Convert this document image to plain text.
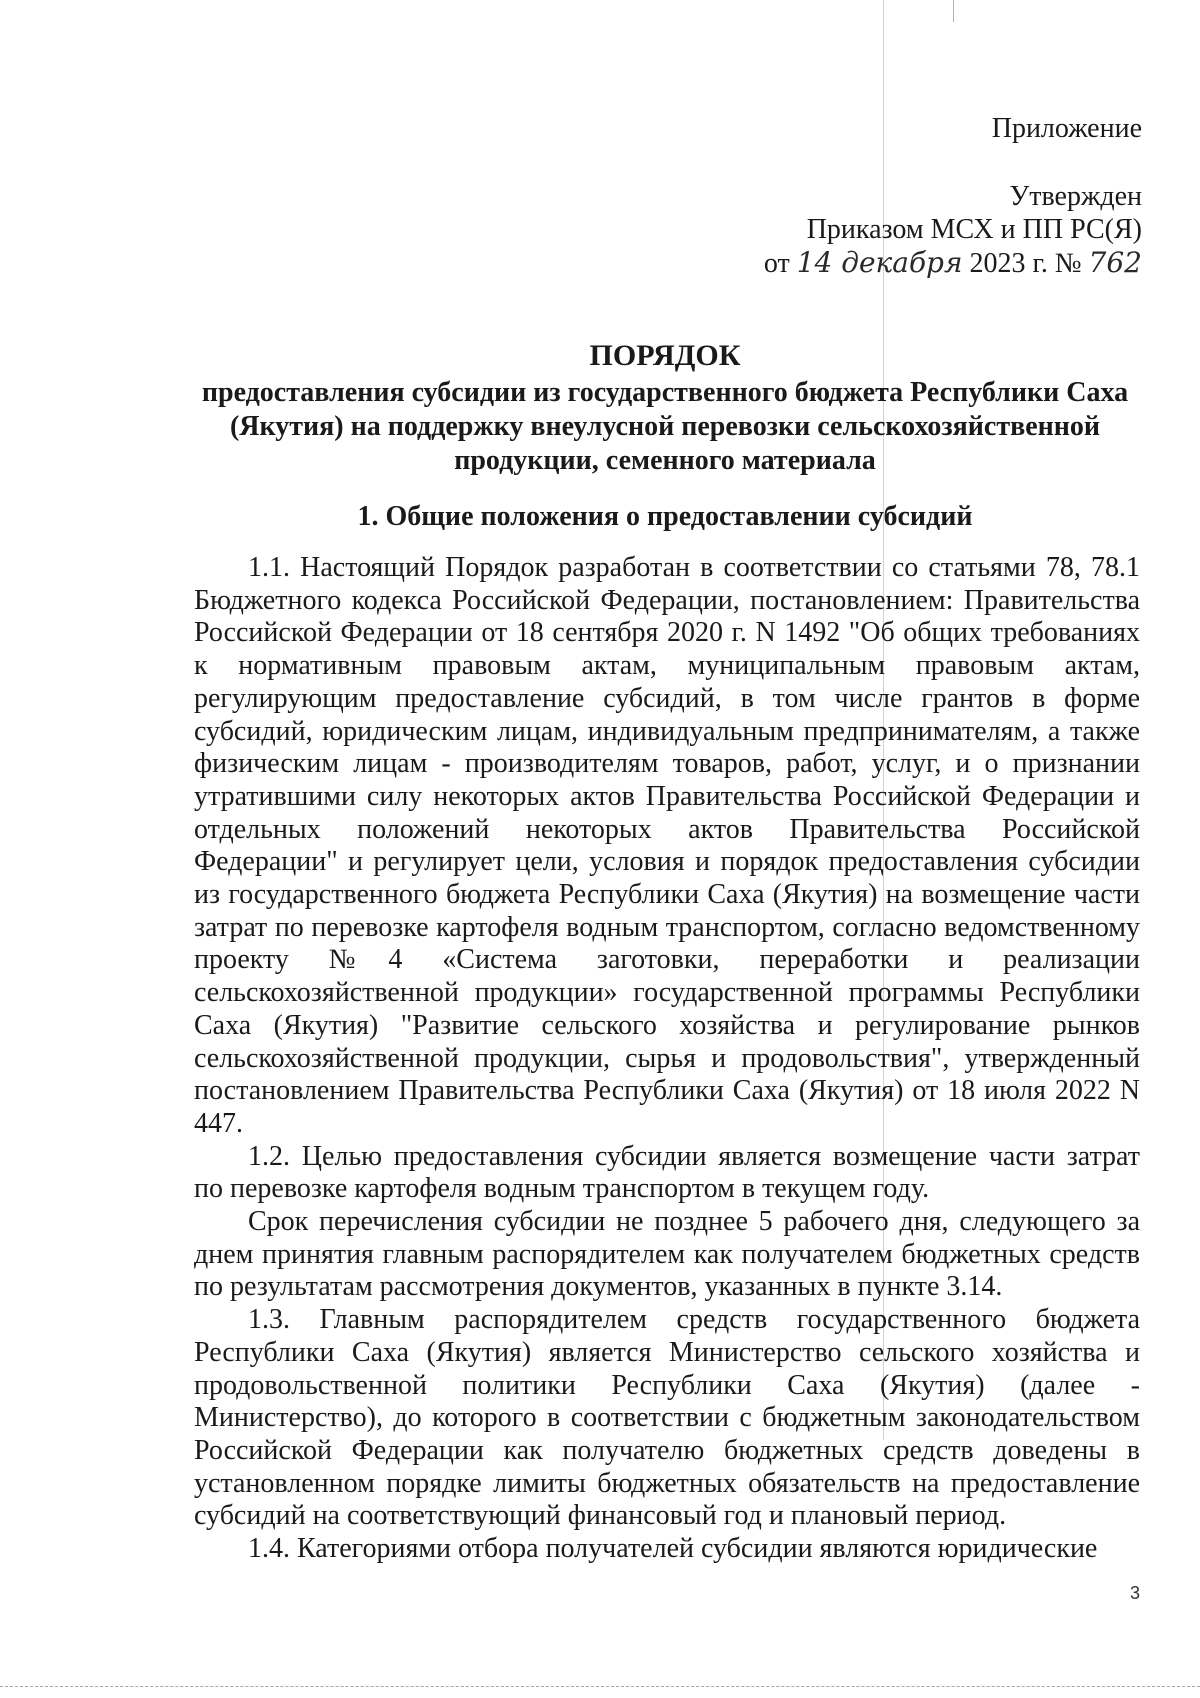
Приложение
Утвержден
Приказом МСХ и ПП РС(Я)
от 14 декабря 2023 г. № 762
ПОРЯДОК
предоставления субсидии из государственного бюджета Республики Саха (Якутия) на поддержку внеулусной перевозки сельскохозяйственной продукции, семенного материала
1. Общие положения о предоставлении субсидий

1.1. Настоящий Порядок разработан в соответствии со статьями 78, 78.1 Бюджетного кодекса Российской Федерации, постановлением: Правительства Российской Федерации от 18 сентября 2020 г. N 1492 "Об общих требованиях к нормативным правовым актам, муниципальным правовым актам, регулирующим предоставление субсидий, в том числе грантов в форме субсидий, юридическим лицам, индивидуальным предпринимателям, а также физическим лицам - производителям товаров, работ, услуг, и о признании утратившими силу некоторых актов Правительства Российской Федерации и отдельных положений некоторых актов Правительства Российской Федерации" и регулирует цели, условия и порядок предоставления субсидии из государственного бюджета Республики Саха (Якутия) на возмещение части затрат по перевозке картофеля водным транспортом, согласно ведомственному проекту №4 «Система заготовки, переработки и реализации сельскохозяйственной продукции» государственной программы Республики Саха (Якутия) "Развитие сельского хозяйства и регулирование рынков сельскохозяйственной продукции, сырья и продовольствия", утвержденный постановлением Правительства Республики Саха (Якутия) от 18 июля 2022 N 447.

1.2. Целью предоставления субсидии является возмещение части затрат по перевозке картофеля водным транспортом в текущем году.

Срок перечисления субсидии не позднее 5 рабочего дня, следующего за днем принятия главным распорядителем как получателем бюджетных средств по результатам рассмотрения документов, указанных в пункте 3.14.

1.3. Главным распорядителем средств государственного бюджета Республики Саха (Якутия) является Министерство сельского хозяйства и продовольственной политики Республики Саха (Якутия) (далее - Министерство), до которого в соответствии с бюджетным законодательством Российской Федерации как получателю бюджетных средств доведены в установленном порядке лимиты бюджетных обязательств на предоставление субсидий на соответствующий финансовый год и плановый период.

1.4. Категориями отбора получателей субсидии являются юридические

3
